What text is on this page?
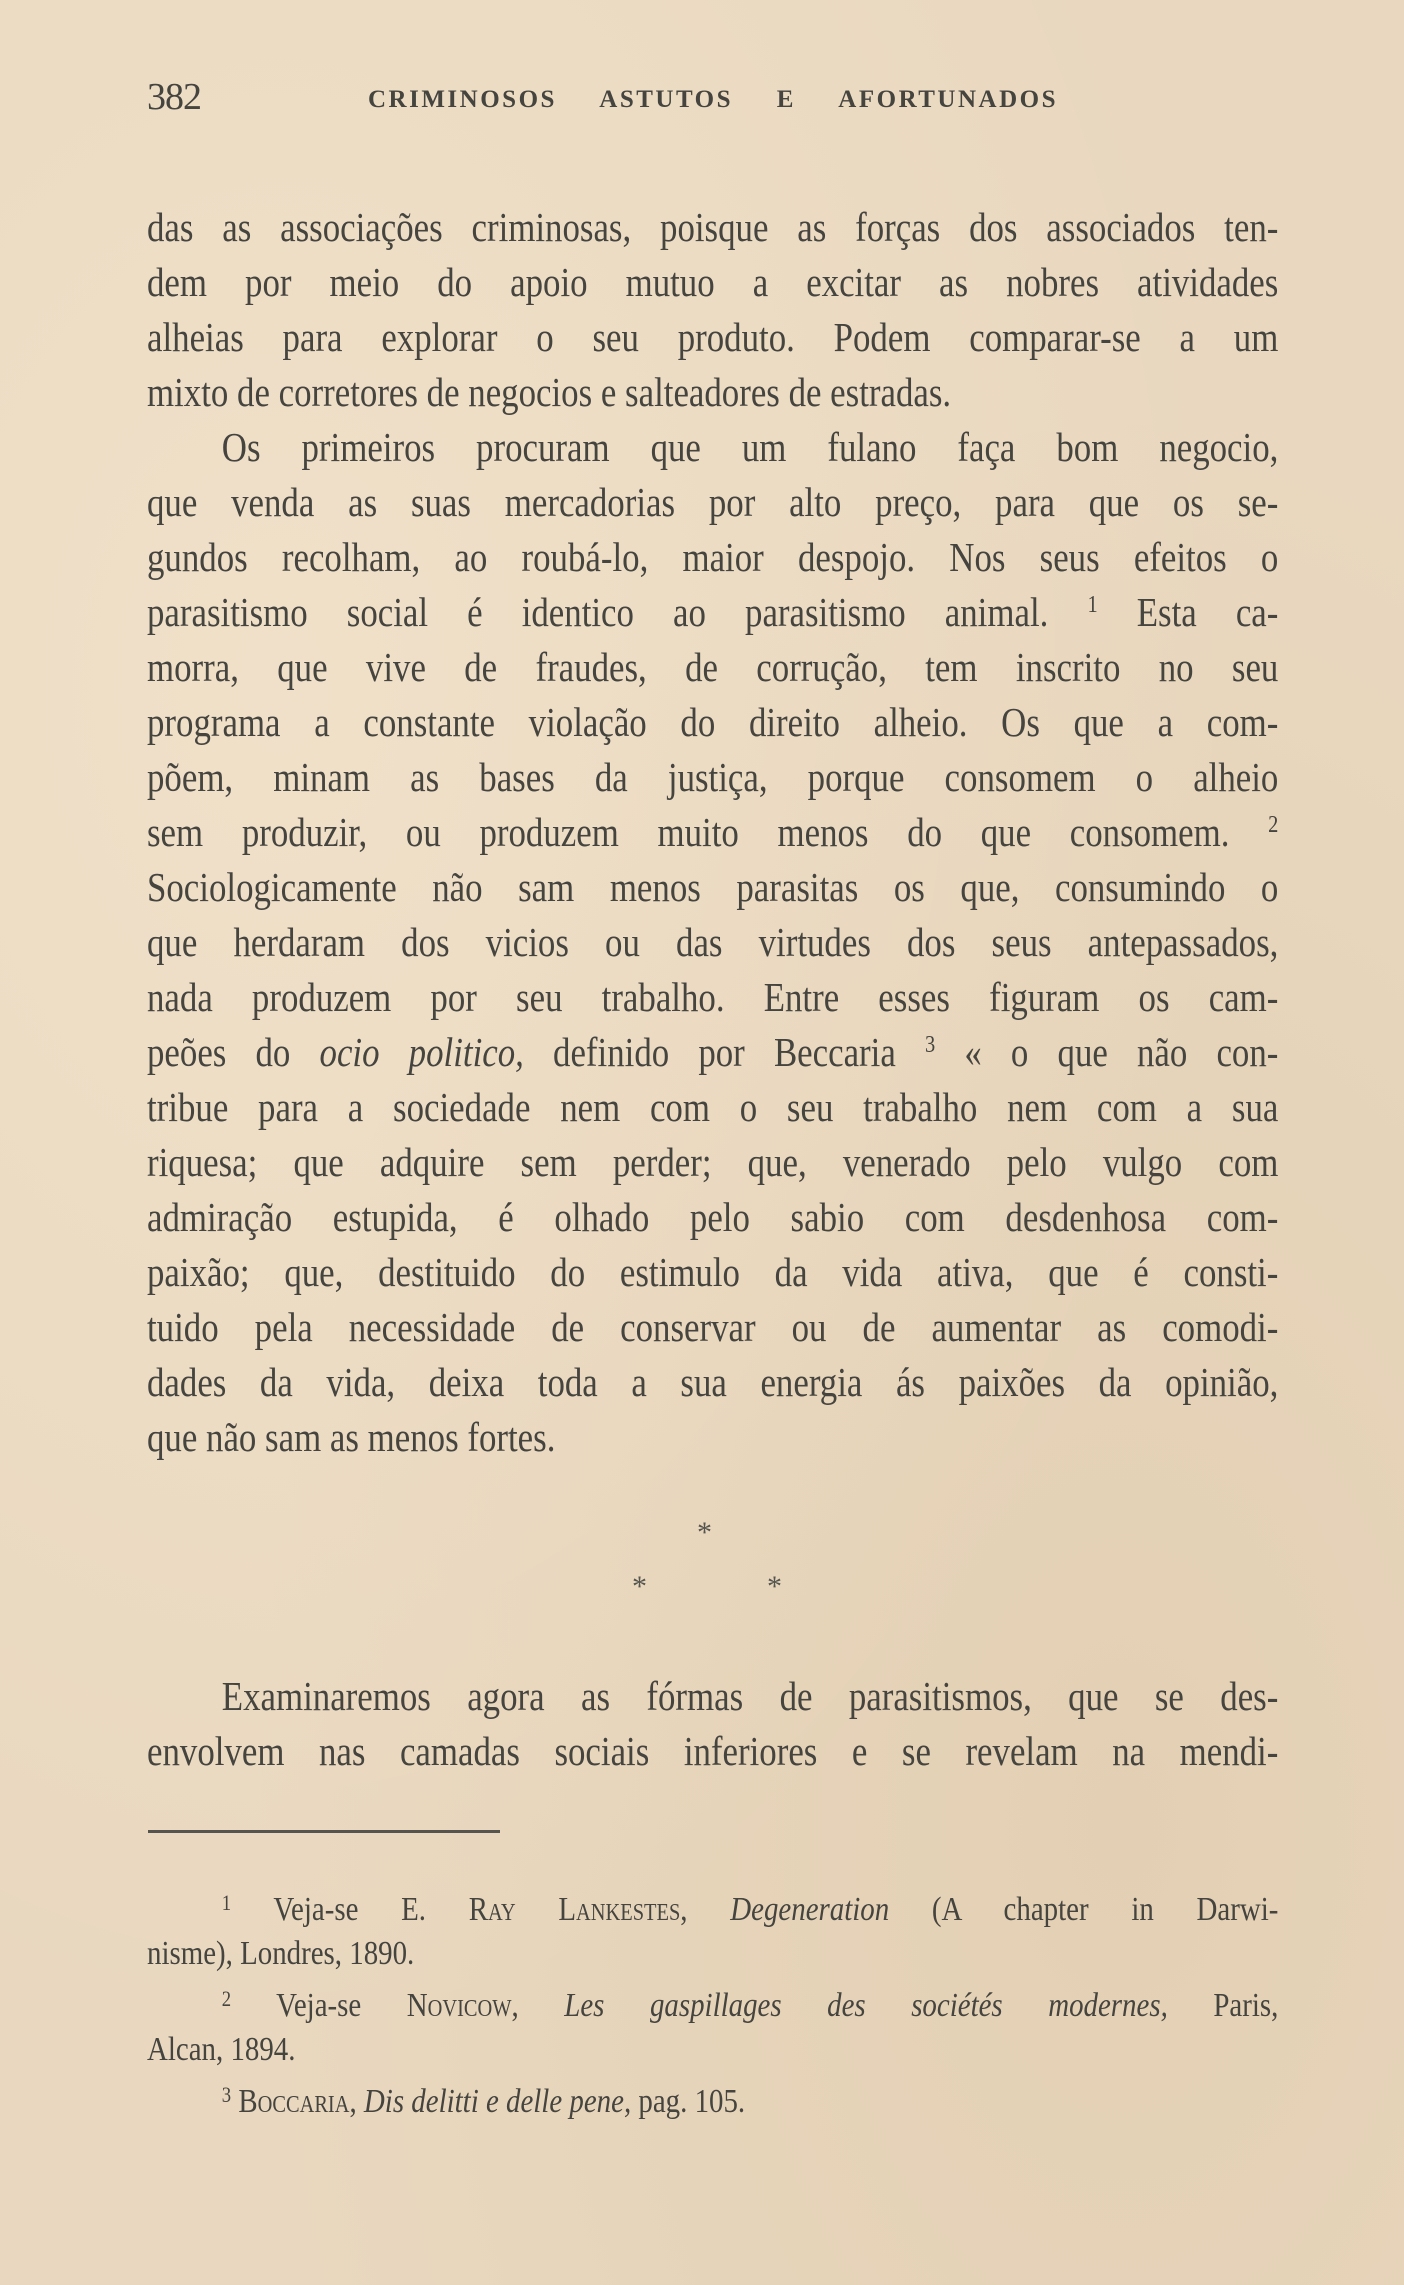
382	CRIMINOSOS ASTUTOS E AFORTUNADOS
das as associações criminosas, poisque as forças dos associados ten-
dem por meio do apoio mutuo a excitar as nobres atividades
alheias para explorar o seu produto. Podem comparar-se a um
mixto de corretores de negocios e salteadores de estradas.
Os primeiros procuram que um fulano faça bom negocio,
que venda as suas mercadorias por alto preço, para que os se-
gundos recolham, ao roubá-lo, maior despojo. Nos seus efeitos o
parasitismo social é identico ao parasitismo animal. $^1$ Esta ca-
morra, que vive de fraudes, de corrução, tem inscrito no seu
programa a constante violação do direito alheio. Os que a com-
põem, minam as bases da justiça, porque consomem o alheio
sem produzir, ou produzem muito menos do que consomem. $^2$
Sociologicamente não sam menos parasitas os que, consumindo o
que herdaram dos vicios ou das virtudes dos seus antepassados,
nada produzem por seu trabalho. Entre esses figuram os cam-
peões do ocio politico, definido por Beccaria $^3$ « o que não con-
tribue para a sociedade nem com o seu trabalho nem com a sua
riquesa; que adquire sem perder; que, venerado pelo vulgo com
admiração estupida, é olhado pelo sabio com desdenhosa com-
paixão; que, destituido do estimulo da vida ativa, que é consti-
tuido pela necessidade de conservar ou de aumentar as comodi-
dades da vida, deixa toda a sua energia ás paixões da opinião,
que não sam as menos fortes.
*
*	*
Examinaremos agora as fórmas de parasitismos, que se des-
envolvem nas camadas sociais inferiores e se revelam na mendi-
$^1$ Veja-se E. Ray Lankestes, Degeneration (A chapter in Darwi-
nisme), Londres, 1890.
$^2$ Veja-se Novicow, Les gaspillages des sociétés modernes, Paris,
Alcan, 1894.
$^3$ Boccaria, Dis delitti e delle pene, pag. 105.
